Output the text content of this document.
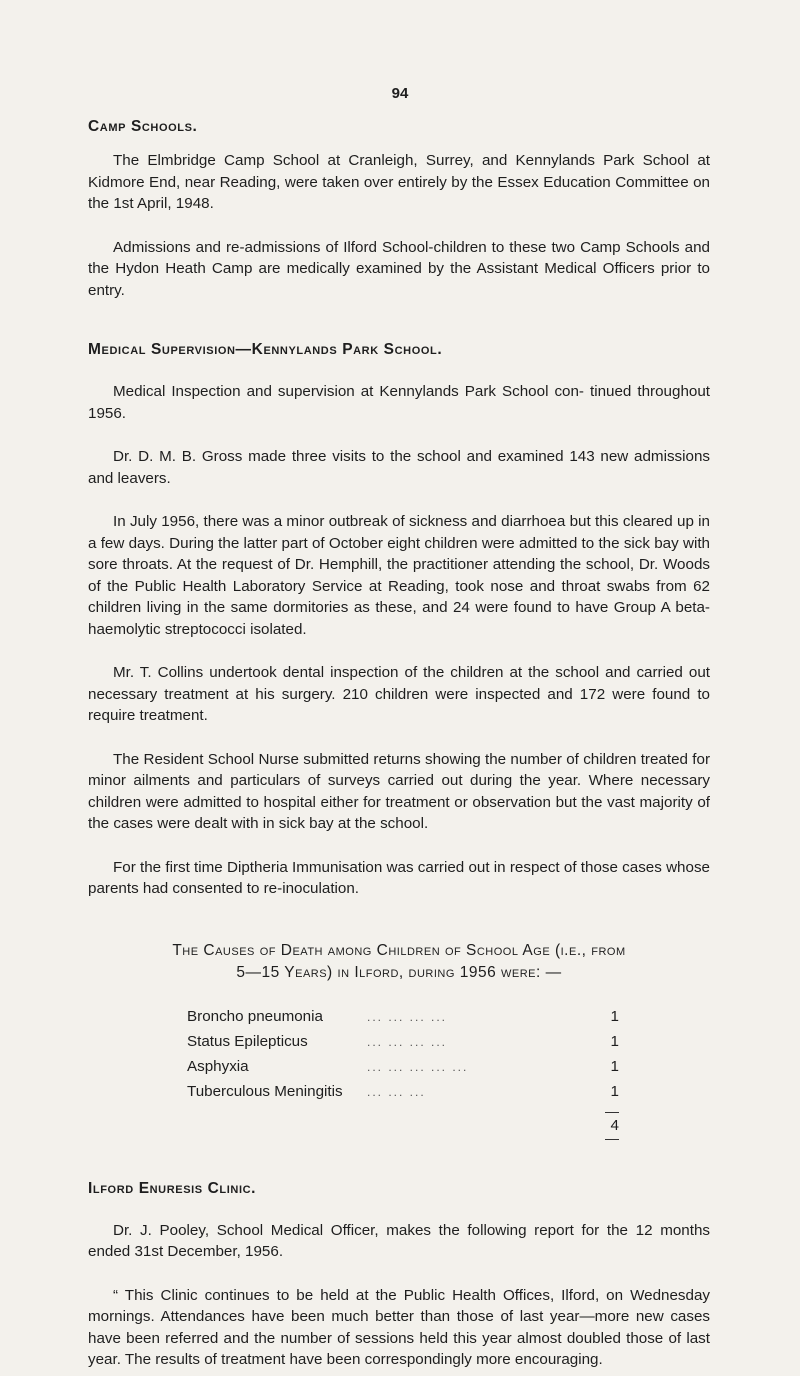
94
Camp Schools.

The Elmbridge Camp School at Cranleigh, Surrey, and Kennylands Park School at Kidmore End, near Reading, were taken over entirely by the Essex Education Committee on the 1st April, 1948.

Admissions and re-admissions of Ilford School-children to these two Camp Schools and the Hydon Heath Camp are medically examined by the Assistant Medical Officers prior to entry.

Medical Supervision—Kennylands Park School.

Medical Inspection and supervision at Kennylands Park School con- tinued throughout 1956.

Dr. D. M. B. Gross made three visits to the school and examined 143 new admissions and leavers.

In July 1956, there was a minor outbreak of sickness and diarrhoea but this cleared up in a few days. During the latter part of October eight children were admitted to the sick bay with sore throats. At the request of Dr. Hemphill, the practitioner attending the school, Dr. Woods of the Public Health Laboratory Service at Reading, took nose and throat swabs from 62 children living in the same dormitories as these, and 24 were found to have Group A beta-haemolytic streptococci isolated.

Mr. T. Collins undertook dental inspection of the children at the school and carried out necessary treatment at his surgery. 210 children were inspected and 172 were found to require treatment.

The Resident School Nurse submitted returns showing the number of children treated for minor ailments and particulars of surveys carried out during the year. Where necessary children were admitted to hospital either for treatment or observation but the vast majority of the cases were dealt with in sick bay at the school.

For the first time Diptheria Immunisation was carried out in respect of those cases whose parents had consented to re-inoculation.

The Causes of Death among Children of School Age (i.e., from
5—15 Years) in Ilford, during 1956 were: —
Broncho pneumonia	... ... ... ...	1
Status Epilepticus	... ... ... ...	1
Asphyxia	... ... ... ... ...	1
Tuberculous Meningitis	... ... ...	1
4
Ilford Enuresis Clinic.

Dr. J. Pooley, School Medical Officer, makes the following report for the 12 months ended 31st December, 1956.

“ This Clinic continues to be held at the Public Health Offices, Ilford, on Wednesday mornings. Attendances have been much better than those of last year—more new cases have been referred and the number of sessions held this year almost doubled those of last year. The results of treatment have been correspondingly more encouraging.
